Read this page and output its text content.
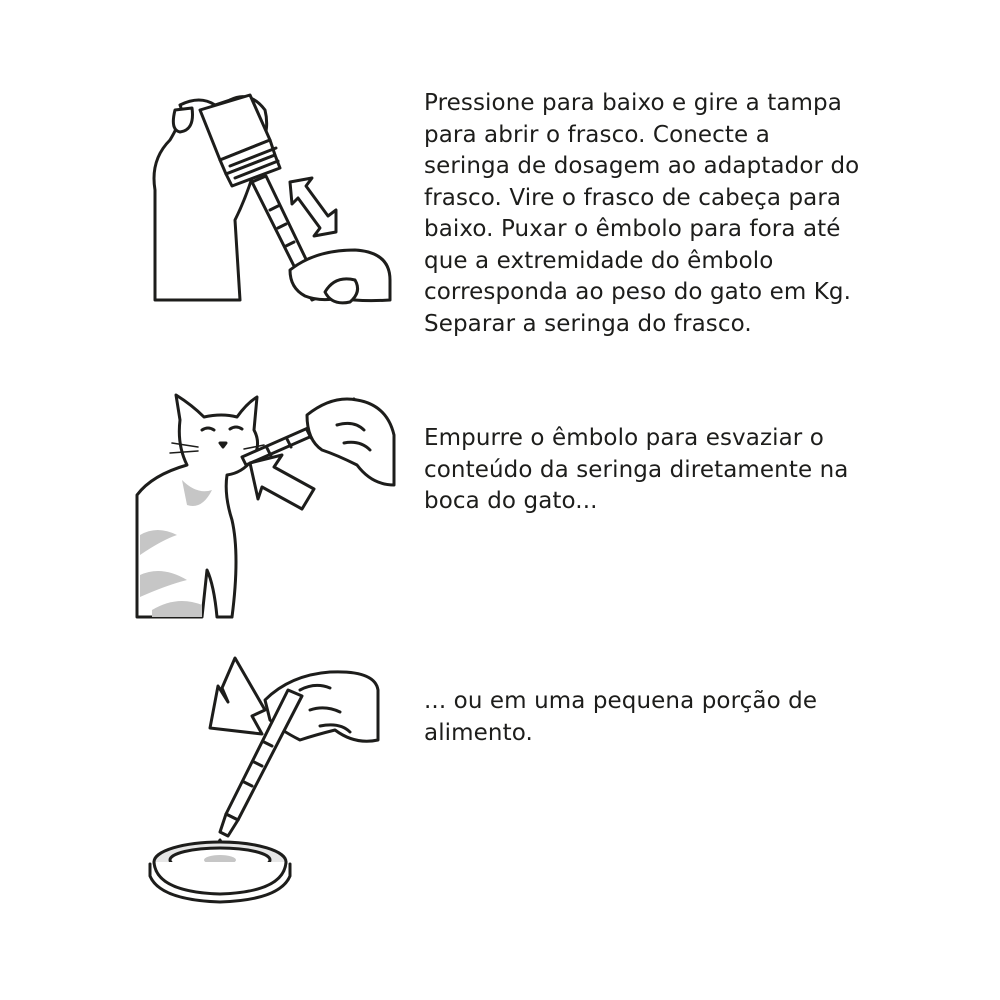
Pressione para baixo e gire a tampa
para abrir o frasco. Conecte a
seringa de dosagem ao adaptador do
frasco. Vire o frasco de cabeça para
baixo. Puxar o êmbolo para fora até
que a extremidade do êmbolo
corresponda ao peso do gato em Kg.
Separar a seringa do frasco.
Empurre o êmbolo para esvaziar o
conteúdo da seringa diretamente na
boca do gato...
... ou em uma pequena porção de
alimento.
